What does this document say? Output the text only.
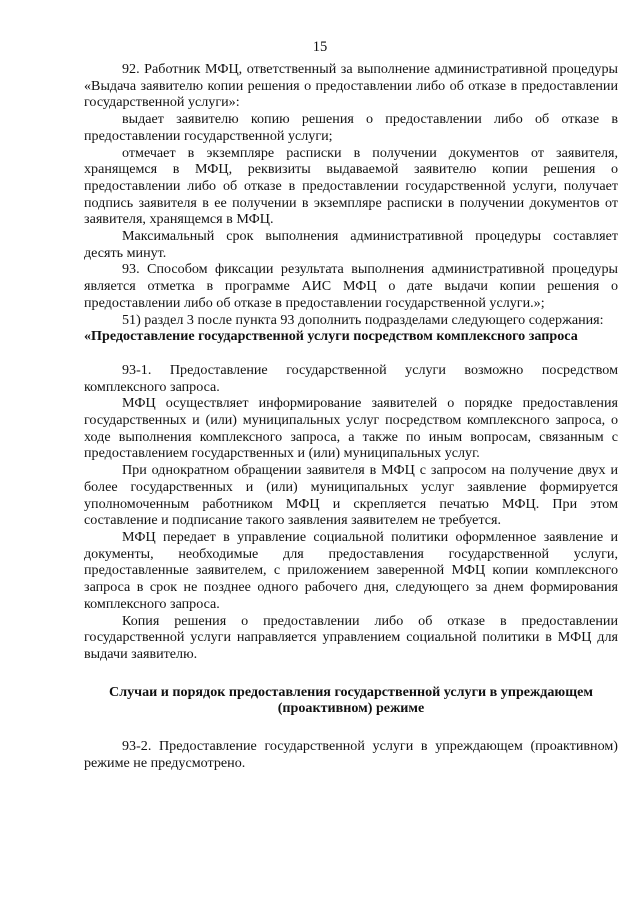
15

92. Работник МФЦ, ответственный за выполнение административной процедуры «Выдача заявителю копии решения о предоставлении либо об отказе в предоставлении государственной услуги»:

выдает заявителю копию решения о предоставлении либо об отказе в предоставлении государственной услуги;

отмечает в экземпляре расписки в получении документов от заявителя, хранящемся в МФЦ, реквизиты выдаваемой заявителю копии решения о предоставлении либо об отказе в предоставлении государственной услуги, получает подпись заявителя в ее получении в экземпляре расписки в получении документов от заявителя, хранящемся в МФЦ.

Максимальный срок выполнения административной процедуры составляет десять минут.

93. Способом фиксации результата выполнения административной процедуры является отметка в программе АИС МФЦ о дате выдачи копии решения о предоставлении либо об отказе в предоставлении государственной услуги.»;

51) раздел 3 после пункта 93 дополнить подразделами следующего содержания:

«Предоставление государственной услуги посредством комплексного запроса

93-1. Предоставление государственной услуги возможно посредством комплексного запроса.

МФЦ осуществляет информирование заявителей о порядке предоставления государственных и (или) муниципальных услуг посредством комплексного запроса, о ходе выполнения комплексного запроса, а также по иным вопросам, связанным с предоставлением государственных и (или) муниципальных услуг.

При однократном обращении заявителя в МФЦ с запросом на получение двух и более государственных и (или) муниципальных услуг заявление формируется уполномоченным работником МФЦ и скрепляется печатью МФЦ. При этом составление и подписание такого заявления заявителем не требуется.

МФЦ передает в управление социальной политики оформленное заявление и документы, необходимые для предоставления государственной услуги, предоставленные заявителем, с приложением заверенной МФЦ копии комплексного запроса в срок не позднее одного рабочего дня, следующего за днем формирования комплексного запроса.

Копия решения о предоставлении либо об отказе в предоставлении государственной услуги направляется управлением социальной политики в МФЦ для выдачи заявителю.

Случаи и порядок предоставления государственной услуги в упреждающем (проактивном) режиме

93-2. Предоставление государственной услуги в упреждающем (проактивном) режиме не предусмотрено.
